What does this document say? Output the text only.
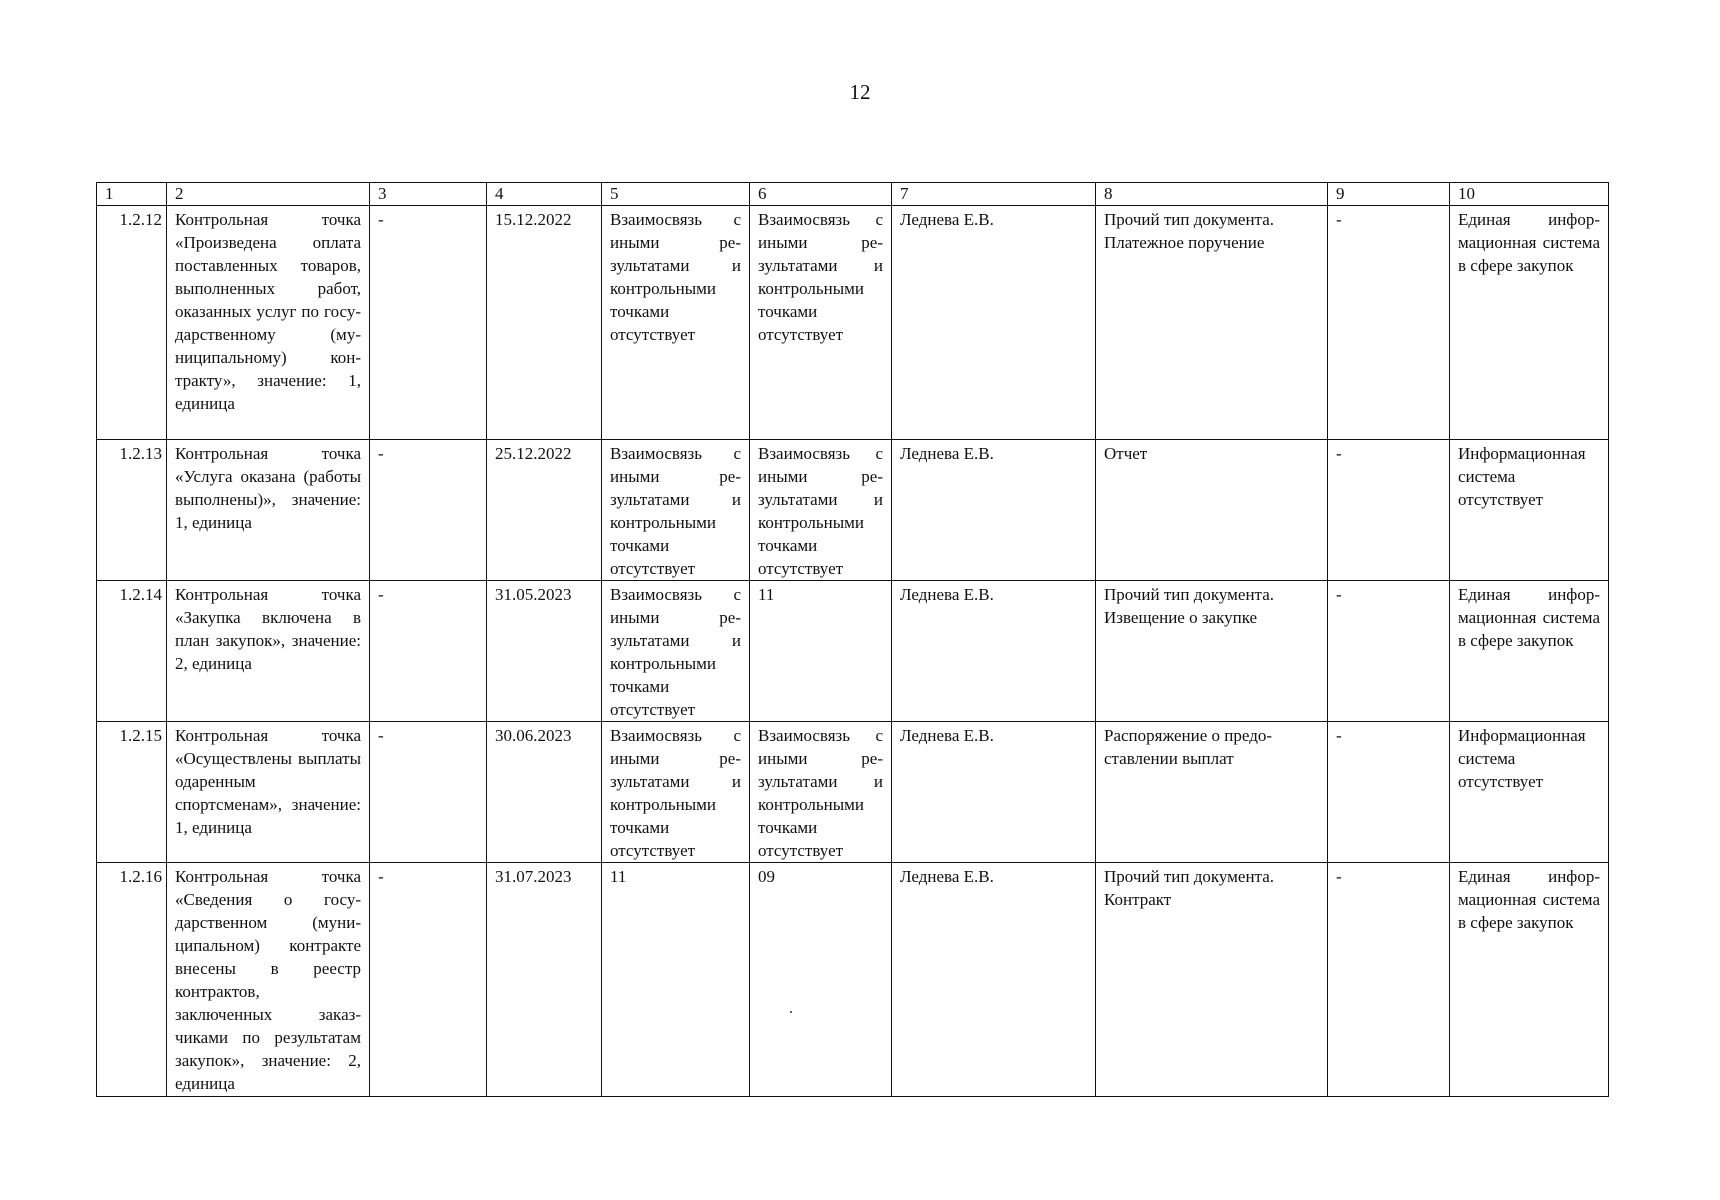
12
1	2	3	4	5	6	7	8	9	10
1.2.12	Контрольная точка «Произведена оплата поставленных товаров, выполненных работ, оказанных услуг по государственному (муниципальному) контракту», значение: 1, единица	-	15.12.2022	Взаимосвязь с иными результатами и контрольными точками отсутствует	Взаимосвязь с иными результатами и контрольными точками отсутствует	Леднева Е.В.	Прочий тип документа. Платежное поручение	-	Единая информационная система в сфере закупок
1.2.13	Контрольная точка «Услуга оказана (работы выполнены)», значение: 1, единица	-	25.12.2022	Взаимосвязь с иными результатами и контрольными точками отсутствует	Взаимосвязь с иными результатами и контрольными точками отсутствует	Леднева Е.В.	Отчет	-	Информационная система отсутствует
1.2.14	Контрольная точка «Закупка включена в план закупок», значение: 2, единица	-	31.05.2023	Взаимосвязь с иными результатами и контрольными точками отсутствует	11	Леднева Е.В.	Прочий тип документа. Извещение о закупке	-	Единая информационная система в сфере закупок
1.2.15	Контрольная точка «Осуществлены выплаты одаренным спортсменам», значение: 1, единица	-	30.06.2023	Взаимосвязь с иными результатами и контрольными точками отсутствует	Взаимосвязь с иными результатами и контрольными точками отсутствует	Леднева Е.В.	Распоряжение о предоставлении выплат	-	Информационная система отсутствует
1.2.16	Контрольная точка «Сведения о государственном (муниципальном) контракте внесены в реестр контрактов, заключенных заказчиками по результатам закупок», значение: 2, единица	-	31.07.2023	11	09	Леднева Е.В.	Прочий тип документа. Контракт	-	Единая информационная система в сфере закупок
